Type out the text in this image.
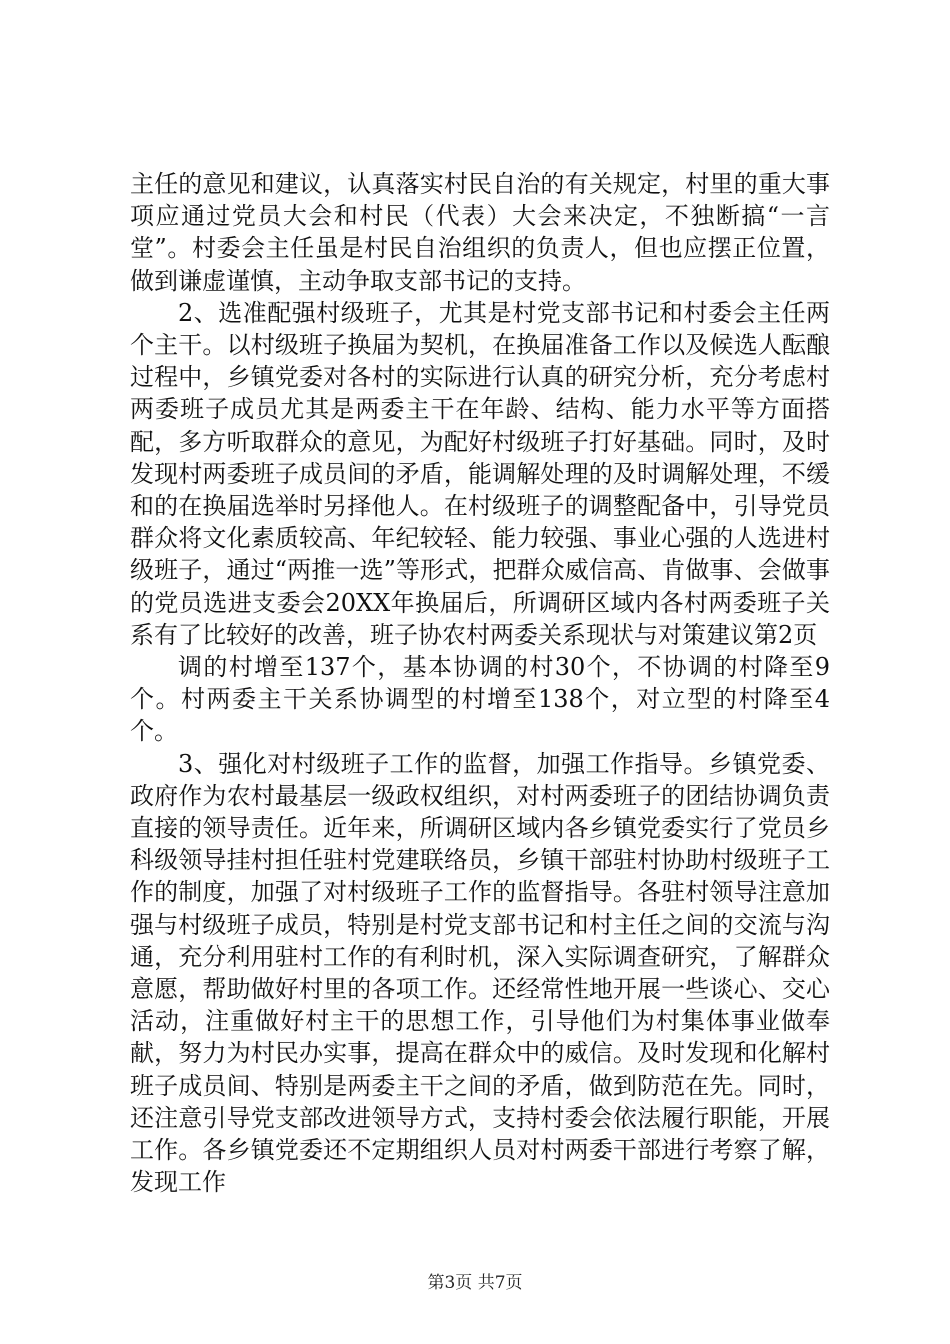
主任的意见和建议，认真落实村民自治的有关规定，村里的重大事项应通过党员大会和村民（代表）大会来决定，不独断搞“一言堂”。村委会主任虽是村民自治组织的负责人，但也应摆正位置，做到谦虚谨慎，主动争取支部书记的支持。

2、选准配强村级班子，尤其是村党支部书记和村委会主任两个主干。以村级班子换届为契机，在换届准备工作以及候选人酝酿过程中，乡镇党委对各村的实际进行认真的研究分析，充分考虑村两委班子成员尤其是两委主干在年龄、结构、能力水平等方面搭配，多方听取群众的意见，为配好村级班子打好基础。同时，及时发现村两委班子成员间的矛盾，能调解处理的及时调解处理，不缓和的在换届选举时另择他人。在村级班子的调整配备中，引导党员群众将文化素质较高、年纪较轻、能力较强、事业心强的人选进村级班子，通过“两推一选”等形式，把群众威信高、肯做事、会做事的党员选进支委会20XX年换届后，所调研区域内各村两委班子关系有了比较好的改善，班子协农村两委关系现状与对策建议第2页

调的村增至137个，基本协调的村30个，不协调的村降至9个。村两委主干关系协调型的村增至138个，对立型的村降至4个。

3、强化对村级班子工作的监督，加强工作指导。乡镇党委、政府作为农村最基层一级政权组织，对村两委班子的团结协调负责直接的领导责任。近年来，所调研区域内各乡镇党委实行了党员乡科级领导挂村担任驻村党建联络员，乡镇干部驻村协助村级班子工作的制度，加强了对村级班子工作的监督指导。各驻村领导注意加强与村级班子成员，特别是村党支部书记和村主任之间的交流与沟通，充分利用驻村工作的有利时机，深入实际调查研究，了解群众意愿，帮助做好村里的各项工作。还经常性地开展一些谈心、交心活动，注重做好村主干的思想工作，引导他们为村集体事业做奉献，努力为村民办实事，提高在群众中的威信。及时发现和化解村班子成员间、特别是两委主干之间的矛盾，做到防范在先。同时，还注意引导党支部改进领导方式，支持村委会依法履行职能，开展工作。各乡镇党委还不定期组织人员对村两委干部进行考察了解，发现工作

第3页 共7页
